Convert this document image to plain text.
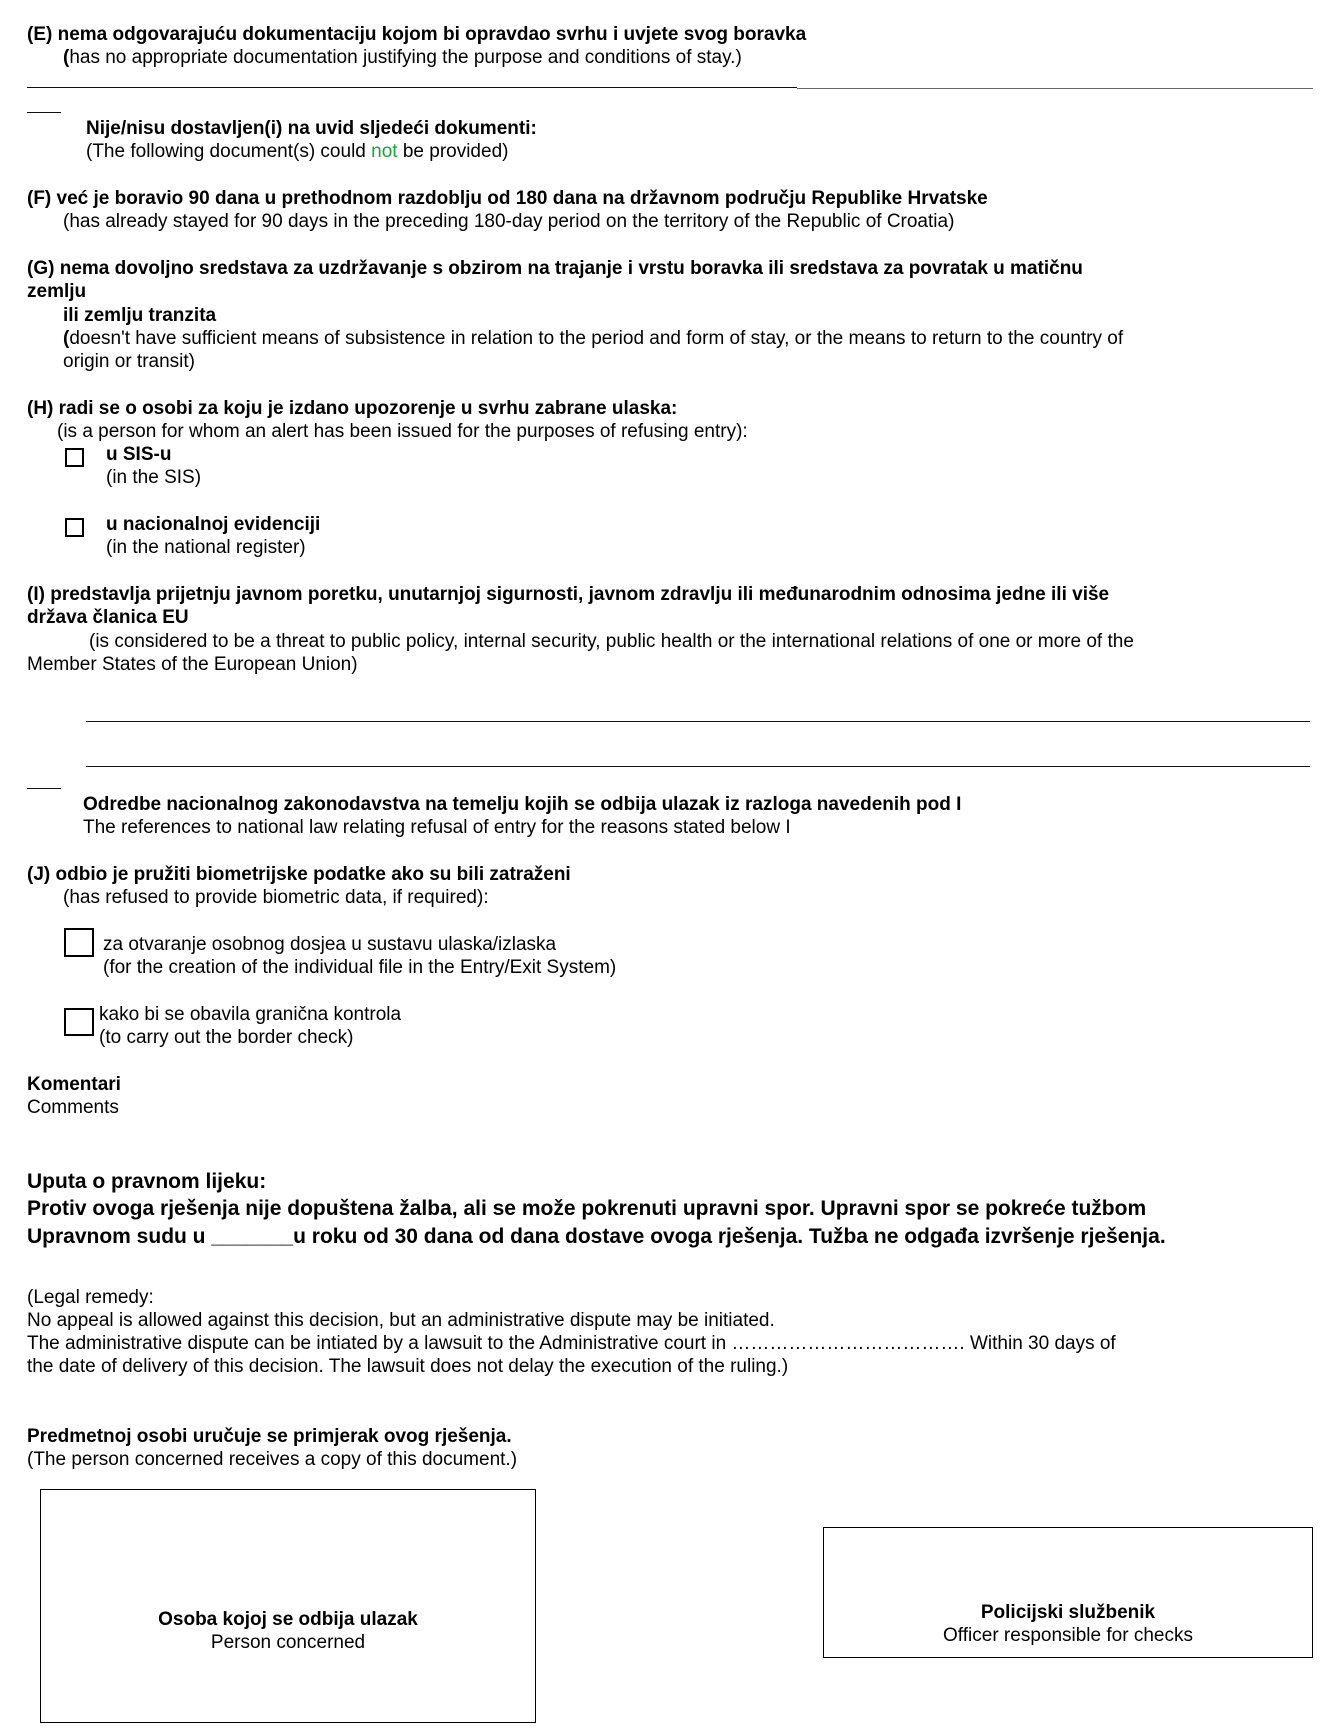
(E) nema odgovarajuću dokumentaciju kojom bi opravdao svrhu i uvjete svog boravka
(has no appropriate documentation justifying the purpose and conditions of stay.)
Nije/nisu dostavljen(i) na uvid sljedeći dokumenti:
(The following document(s) could not be provided)
(F) već je boravio 90 dana u prethodnom razdoblju od 180 dana na državnom području Republike Hrvatske
(has already stayed for 90 days in the preceding 180-day period on the territory of the Republic of Croatia)
(G) nema dovoljno sredstava za uzdržavanje s obzirom na trajanje i vrstu boravka ili sredstava za povratak u matičnu
zemlju
ili zemlju tranzita
(doesn't have sufficient means of subsistence in relation to the period and form of stay, or the means to return to the country of
origin or transit)
(H) radi se o osobi za koju je izdano upozorenje u svrhu zabrane ulaska:
(is a person for whom an alert has been issued for the purposes of refusing entry):
u SIS-u
(in the SIS)
u nacionalnoj evidenciji
(in the national register)
(I) predstavlja prijetnju javnom poretku, unutarnjoj sigurnosti, javnom zdravlju ili međunarodnim odnosima jedne ili više
država članica EU
(is considered to be a threat to public policy, internal security, public health or the international relations of one or more of the
Member States of the European Union)
Odredbe nacionalnog zakonodavstva na temelju kojih se odbija ulazak iz razloga navedenih pod I
The references to national law relating refusal of entry for the reasons stated below I
(J) odbio je pružiti biometrijske podatke ako su bili zatraženi
(has refused to provide biometric data, if required):
za otvaranje osobnog dosjea u sustavu ulaska/izlaska
(for the creation of the individual file in the Entry/Exit System)
kako bi se obavila granična kontrola
(to carry out the border check)
Komentari
Comments
Uputa o pravnom lijeku:
Protiv ovoga rješenja nije dopuštena žalba, ali se može pokrenuti upravni spor. Upravni spor se pokreće tužbom
Upravnom sudu u _______u roku od 30 dana od dana dostave ovoga rješenja. Tužba ne odgađa izvršenje rješenja.
(Legal remedy:
No appeal is allowed against this decision, but an administrative dispute may be initiated.
The administrative dispute can be intiated by a lawsuit to the Administrative court in ………………………………. Within 30 days of
the date of delivery of this decision. The lawsuit does not delay the execution of the ruling.)
Predmetnoj osobi uručuje se primjerak ovog rješenja.
(The person concerned receives a copy of this document.)
Osoba kojoj se odbija ulazak
Person concerned
Policijski službenik
Officer responsible for checks
